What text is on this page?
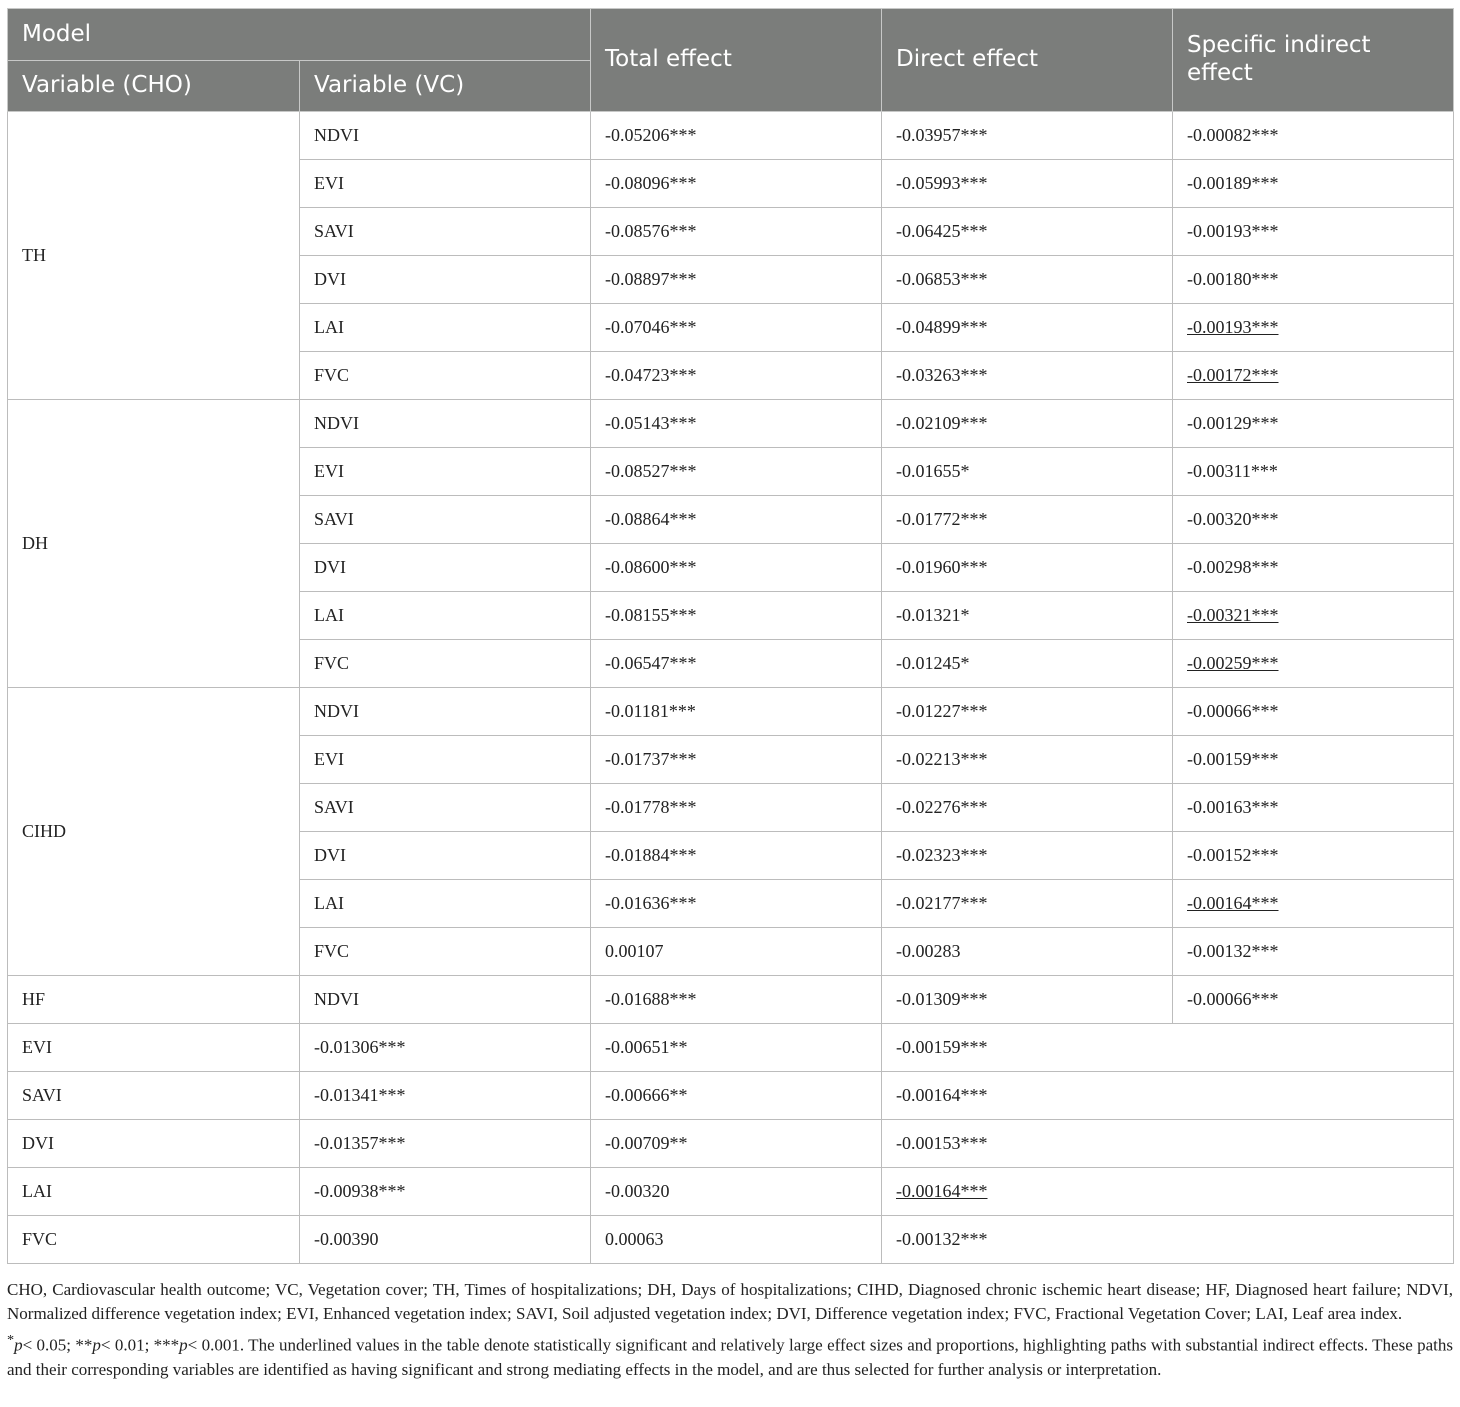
Model		Total effect	Direct effect	Specific indirect effect
Variable (CHO)	Variable (VC)			
TH	NDVI	-0.05206***	-0.03957***	-0.00082***
	EVI	-0.08096***	-0.05993***	-0.00189***
	SAVI	-0.08576***	-0.06425***	-0.00193***
	DVI	-0.08897***	-0.06853***	-0.00180***
	LAI	-0.07046***	-0.04899***	-0.00193***
	FVC	-0.04723***	-0.03263***	-0.00172***
DH	NDVI	-0.05143***	-0.02109***	-0.00129***
	EVI	-0.08527***	-0.01655*	-0.00311***
	SAVI	-0.08864***	-0.01772***	-0.00320***
	DVI	-0.08600***	-0.01960***	-0.00298***
	LAI	-0.08155***	-0.01321*	-0.00321***
	FVC	-0.06547***	-0.01245*	-0.00259***
CIHD	NDVI	-0.01181***	-0.01227***	-0.00066***
	EVI	-0.01737***	-0.02213***	-0.00159***
	SAVI	-0.01778***	-0.02276***	-0.00163***
	DVI	-0.01884***	-0.02323***	-0.00152***
	LAI	-0.01636***	-0.02177***	-0.00164***
	FVC	0.00107	-0.00283	-0.00132***
HF	NDVI	-0.01688***	-0.01309***	-0.00066***
EVI	-0.01306***	-0.00651**	-0.00159***	
SAVI	-0.01341***	-0.00666**	-0.00164***	
DVI	-0.01357***	-0.00709**	-0.00153***	
LAI	-0.00938***	-0.00320	-0.00164***	
FVC	-0.00390	0.00063	-0.00132***	

CHO, Cardiovascular health outcome; VC, Vegetation cover; TH, Times of hospitalizations; DH, Days of hospitalizations; CIHD, Diagnosed chronic ischemic heart disease; HF, Diagnosed heart failure; NDVI, Normalized difference vegetation index; EVI, Enhanced vegetation index; SAVI, Soil adjusted vegetation index; DVI, Difference vegetation index; FVC, Fractional Vegetation Cover; LAI, Leaf area index.

*p< 0.05; **p< 0.01; ***p< 0.001. The underlined values in the table denote statistically significant and relatively large effect sizes and proportions, highlighting paths with substantial indirect effects. These paths and their corresponding variables are identified as having significant and strong mediating effects in the model, and are thus selected for further analysis or interpretation.
